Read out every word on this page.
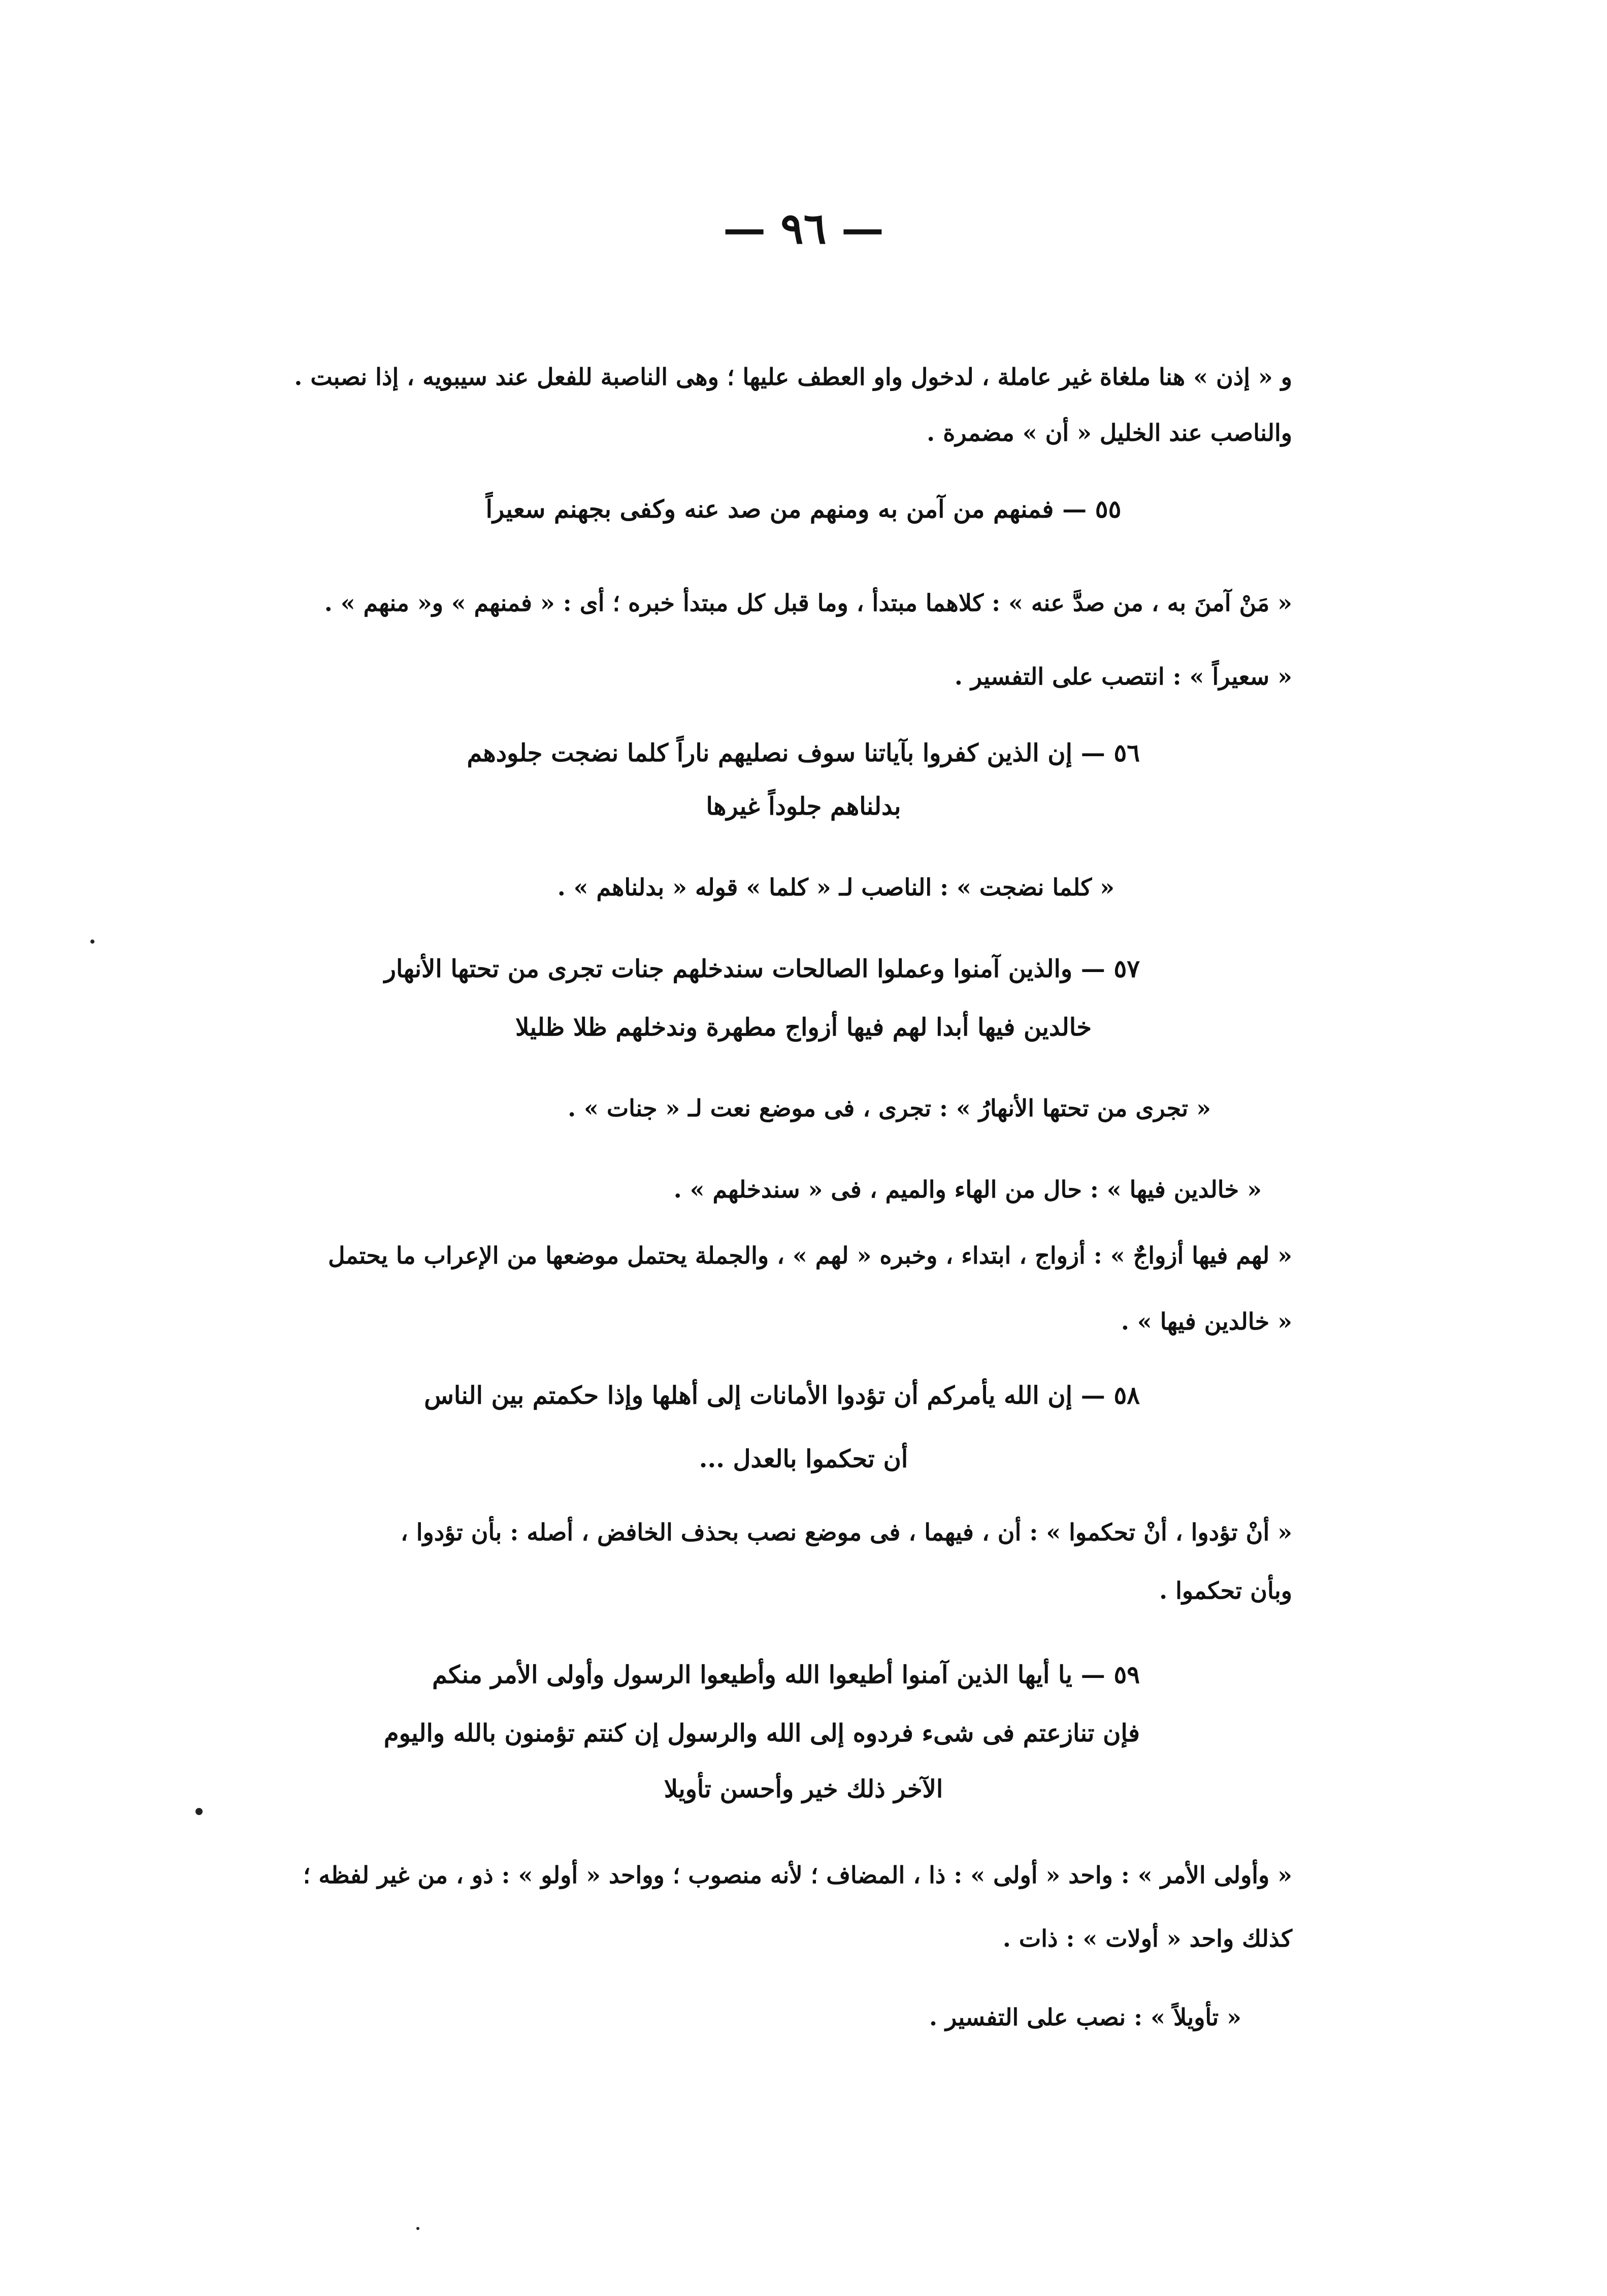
— ٩٦ —
و « إذن » هنا ملغاة غير عاملة ، لدخول واو العطف عليها ؛ وهى الناصبة للفعل عند سيبويه ، إذا نصبت .
والناصب عند الخليل « أن » مضمرة .
٥٥ — فمنهم من آمن به ومنهم من صد عنه وكفى بجهنم سعيراً
« مَنْ آمنَ به ، من صدَّ عنه » : كلاهما مبتدأ ، وما قبل كل مبتدأ خبره ؛ أى : « فمنهم » و« منهم » .
« سعيراً » : انتصب على التفسير .
٥٦ — إن الذين كفروا بآياتنا سوف نصليهم ناراً كلما نضجت جلودهم
بدلناهم جلوداً غيرها
« كلما نضجت » : الناصب لـ « كلما » قوله « بدلناهم » .
٥٧ — والذين آمنوا وعملوا الصالحات سندخلهم جنات تجرى من تحتها الأنهار
خالدين فيها أبدا لهم فيها أزواج مطهرة وندخلهم ظلا ظليلا
« تجرى من تحتها الأنهارُ » : تجرى ، فى موضع نعت لـ « جنات » .
« خالدين فيها » : حال من الهاء والميم ، فى « سندخلهم » .
« لهم فيها أزواجٌ » : أزواج ، ابتداء ، وخبره « لهم » ، والجملة يحتمل موضعها من الإعراب ما يحتمل
« خالدين فيها » .
٥٨ — إن الله يأمركم أن تؤدوا الأمانات إلى أهلها وإذا حكمتم بين الناس
أن تحكموا بالعدل ...
« أنْ تؤدوا ، أنْ تحكموا » : أن ، فيهما ، فى موضع نصب بحذف الخافض ، أصله : بأن تؤدوا ،
وبأن تحكموا .
٥٩ — يا أيها الذين آمنوا أطيعوا الله وأطيعوا الرسول وأولى الأمر منكم
فإن تنازعتم فى شىء فردوه إلى الله والرسول إن كنتم تؤمنون بالله واليوم
الآخر ذلك خير وأحسن تأويلا
« وأولى الأمر » : واحد « أولى » : ذا ، المضاف ؛ لأنه منصوب ؛ وواحد « أولو » : ذو ، من غير لفظه ؛
كذلك واحد « أولات » : ذات .
« تأويلاً » : نصب على التفسير .
